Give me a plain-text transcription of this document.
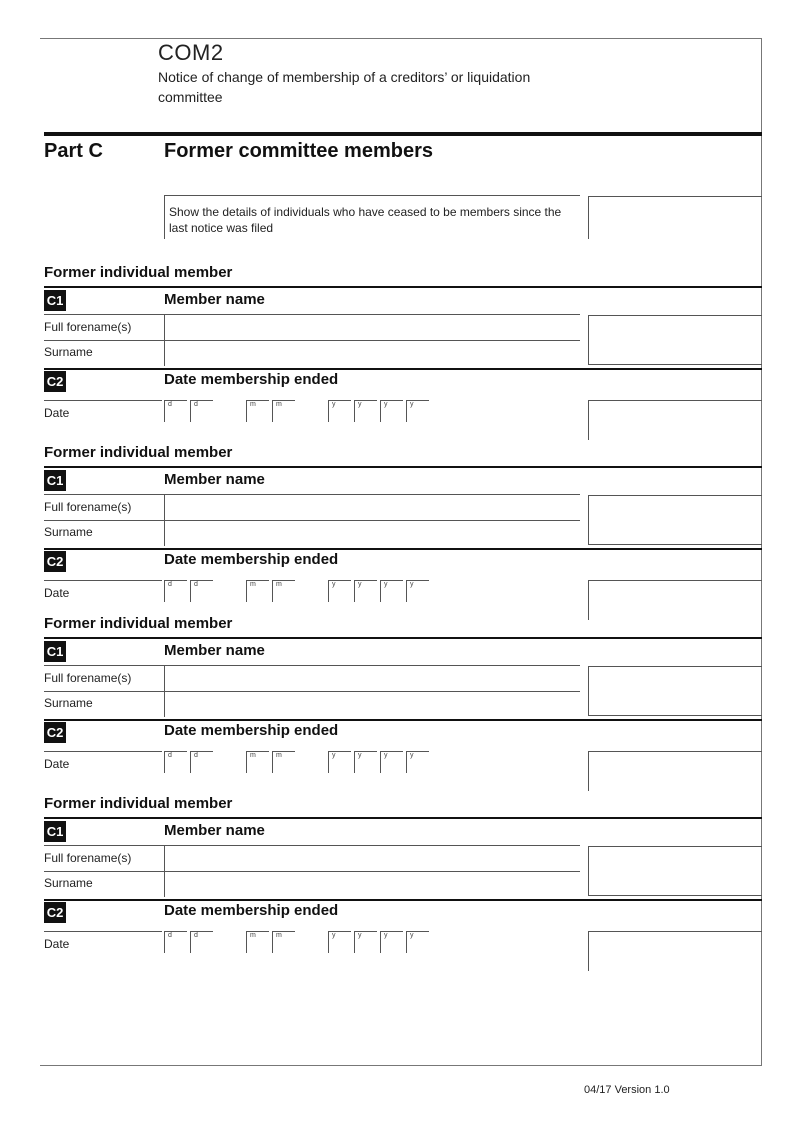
COM2
Notice of change of membership of a creditors’ or liquidation committee
Part C	Former committee members
Show the details of individuals who have ceased to be members since the last notice was filed
Former individual member
C1	Member name
Full forename(s)
Surname
C2	Date membership ended
Date
d	d	m	m	y	y	y	y
Former individual member
C1	Member name
Full forename(s)
Surname
C2	Date membership ended
Date
d	d	m	m	y	y	y	y
Former individual member
C1	Member name
Full forename(s)
Surname
C2	Date membership ended
Date
d	d	m	m	y	y	y	y
Former individual member
C1	Member name
Full forename(s)
Surname
C2	Date membership ended
Date
d	d	m	m	y	y	y	y
04/17 Version 1.0
